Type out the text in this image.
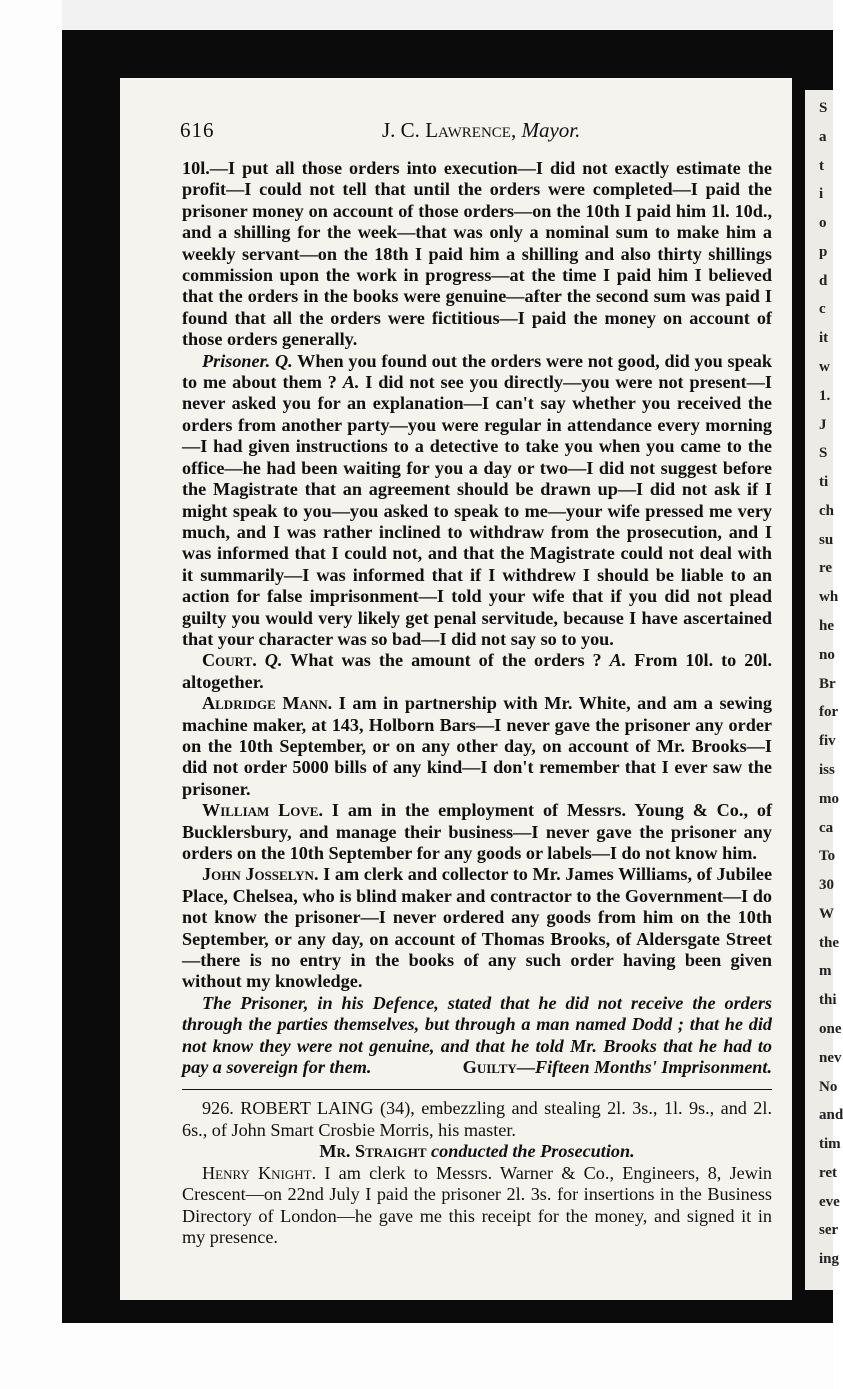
S
a
t
i
o
p
d
c
it
w
1.
J
S
ti
ch
su
re
wh
he
no
Br
for
fiv
iss
mo
ca
To
30
W
the
m
thi
one
nev
No
and
tim
ret
eve
ser
ing
616	J. C. Lawrence, Mayor.

10l.—I put all those orders into execution—I did not exactly estimate the profit—I could not tell that until the orders were completed—I paid the prisoner money on account of those orders—on the 10th I paid him 1l. 10d., and a shilling for the week—that was only a nominal sum to make him a weekly servant—on the 18th I paid him a shilling and also thirty shillings commission upon the work in progress—at the time I paid him I believed that the orders in the books were genuine—after the second sum was paid I found that all the orders were fictitious—I paid the money on account of those orders generally.

Prisoner. Q. When you found out the orders were not good, did you speak to me about them ? A. I did not see you directly—you were not present—I never asked you for an explanation—I can't say whether you received the orders from another party—you were regular in attendance every morning—I had given instructions to a detective to take you when you came to the office—he had been waiting for you a day or two—I did not suggest before the Magistrate that an agreement should be drawn up—I did not ask if I might speak to you—you asked to speak to me—your wife pressed me very much, and I was rather inclined to withdraw from the prosecution, and I was informed that I could not, and that the Magistrate could not deal with it summarily—I was informed that if I withdrew I should be liable to an action for false imprisonment—I told your wife that if you did not plead guilty you would very likely get penal servitude, because I have ascertained that your character was so bad—I did not say so to you.

Court. Q. What was the amount of the orders ? A. From 10l. to 20l. altogether.

Aldridge Mann. I am in partnership with Mr. White, and am a sewing machine maker, at 143, Holborn Bars—I never gave the prisoner any order on the 10th September, or on any other day, on account of Mr. Brooks—I did not order 5000 bills of any kind—I don't remember that I ever saw the prisoner.

William Love. I am in the employment of Messrs. Young & Co., of Bucklersbury, and manage their business—I never gave the prisoner any orders on the 10th September for any goods or labels—I do not know him.

John Josselyn. I am clerk and collector to Mr. James Williams, of Jubilee Place, Chelsea, who is blind maker and contractor to the Government—I do not know the prisoner—I never ordered any goods from him on the 10th September, or any day, on account of Thomas Brooks, of Aldersgate Street—there is no entry in the books of any such order having been given without my knowledge.

The Prisoner, in his Defence, stated that he did not receive the orders through the parties themselves, but through a man named Dodd ; that he did not know they were not genuine, and that he told Mr. Brooks that he had to pay a sovereign for them.	Guilty—Fifteen Months' Imprisonment.

926. ROBERT LAING (34), embezzling and stealing 2l. 3s., 1l. 9s., and 2l. 6s., of John Smart Crosbie Morris, his master.

Mr. Straight conducted the Prosecution.

Henry Knight. I am clerk to Messrs. Warner & Co., Engineers, 8, Jewin Crescent—on 22nd July I paid the prisoner 2l. 3s. for insertions in the Business Directory of London—he gave me this receipt for the money, and signed it in my presence.
